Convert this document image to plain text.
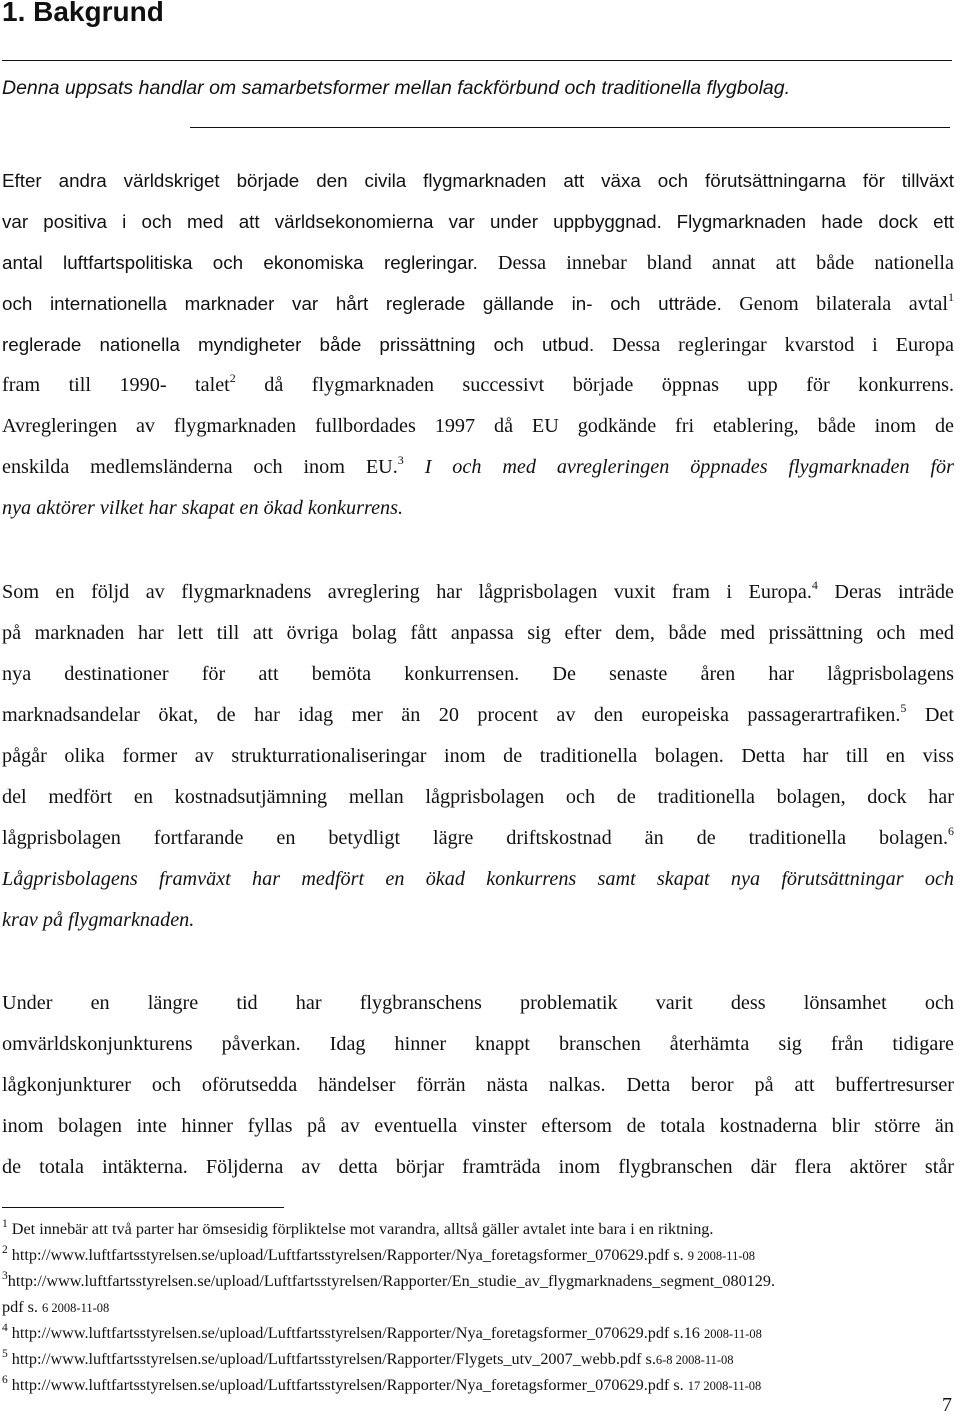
1. Bakgrund

Denna uppsats handlar om samarbetsformer mellan fackförbund och traditionella flygbolag.

Efter andra världskriget började den civila flygmarknaden att växa och förutsättningarna för tillväxt
var positiva i och med att världsekonomierna var under uppbyggnad. Flygmarknaden hade dock ett
antal luftfartspolitiska och ekonomiska regleringar. Dessa innebar bland annat att både nationella
och internationella marknader var hårt reglerade gällande in- och utträde. Genom bilaterala avtal$^1$
reglerade nationella myndigheter både prissättning och utbud. Dessa regleringar kvarstod i Europa
fram till 1990- talet$^2$ då flygmarknaden successivt började öppnas upp för konkurrens.
Avregleringen av flygmarknaden fullbordades 1997 då EU godkände fri etablering, både inom de
enskilda medlemsländerna och inom EU.$^3$ I och med avregleringen öppnades flygmarknaden för
nya aktörer vilket har skapat en ökad konkurrens.
Som en följd av flygmarknadens avreglering har lågprisbolagen vuxit fram i Europa.$^4$ Deras inträde
på marknaden har lett till att övriga bolag fått anpassa sig efter dem, både med prissättning och med
nya destinationer för att bemöta konkurrensen. De senaste åren har lågprisbolagens
marknadsandelar ökat, de har idag mer än 20 procent av den europeiska passagerartrafiken.$^5$ Det
pågår olika former av strukturrationaliseringar inom de traditionella bolagen. Detta har till en viss
del medfört en kostnadsutjämning mellan lågprisbolagen och de traditionella bolagen, dock har
lågprisbolagen fortfarande en betydligt lägre driftskostnad än de traditionella bolagen.$^6$
Lågprisbolagens framväxt har medfört en ökad konkurrens samt skapat nya förutsättningar och
krav på flygmarknaden.
Under en längre tid har flygbranschens problematik varit dess lönsamhet och
omvärldskonjunkturens påverkan. Idag hinner knappt branschen återhämta sig från tidigare
lågkonjunkturer och oförutsedda händelser förrän nästa nalkas. Detta beror på att buffertresurser
inom bolagen inte hinner fyllas på av eventuella vinster eftersom de totala kostnaderna blir större än
de totala intäkterna. Följderna av detta börjar framträda inom flygbranschen där flera aktörer står
$^1$ Det innebär att två parter har ömsesidig förpliktelse mot varandra, alltså gäller avtalet inte bara i en riktning.
$^2$ http://www.luftfartsstyrelsen.se/upload/Luftfartsstyrelsen/Rapporter/Nya_foretagsformer_070629.pdf s. 9 2008-11-08
$^3$http://www.luftfartsstyrelsen.se/upload/Luftfartsstyrelsen/Rapporter/En_studie_av_flygmarknadens_segment_080129.
pdf s. 6 2008-11-08
$^4$ http://www.luftfartsstyrelsen.se/upload/Luftfartsstyrelsen/Rapporter/Nya_foretagsformer_070629.pdf s.16 2008-11-08
$^5$ http://www.luftfartsstyrelsen.se/upload/Luftfartsstyrelsen/Rapporter/Flygets_utv_2007_webb.pdf s.6-8 2008-11-08
$^6$ http://www.luftfartsstyrelsen.se/upload/Luftfartsstyrelsen/Rapporter/Nya_foretagsformer_070629.pdf s. 17 2008-11-08
7
